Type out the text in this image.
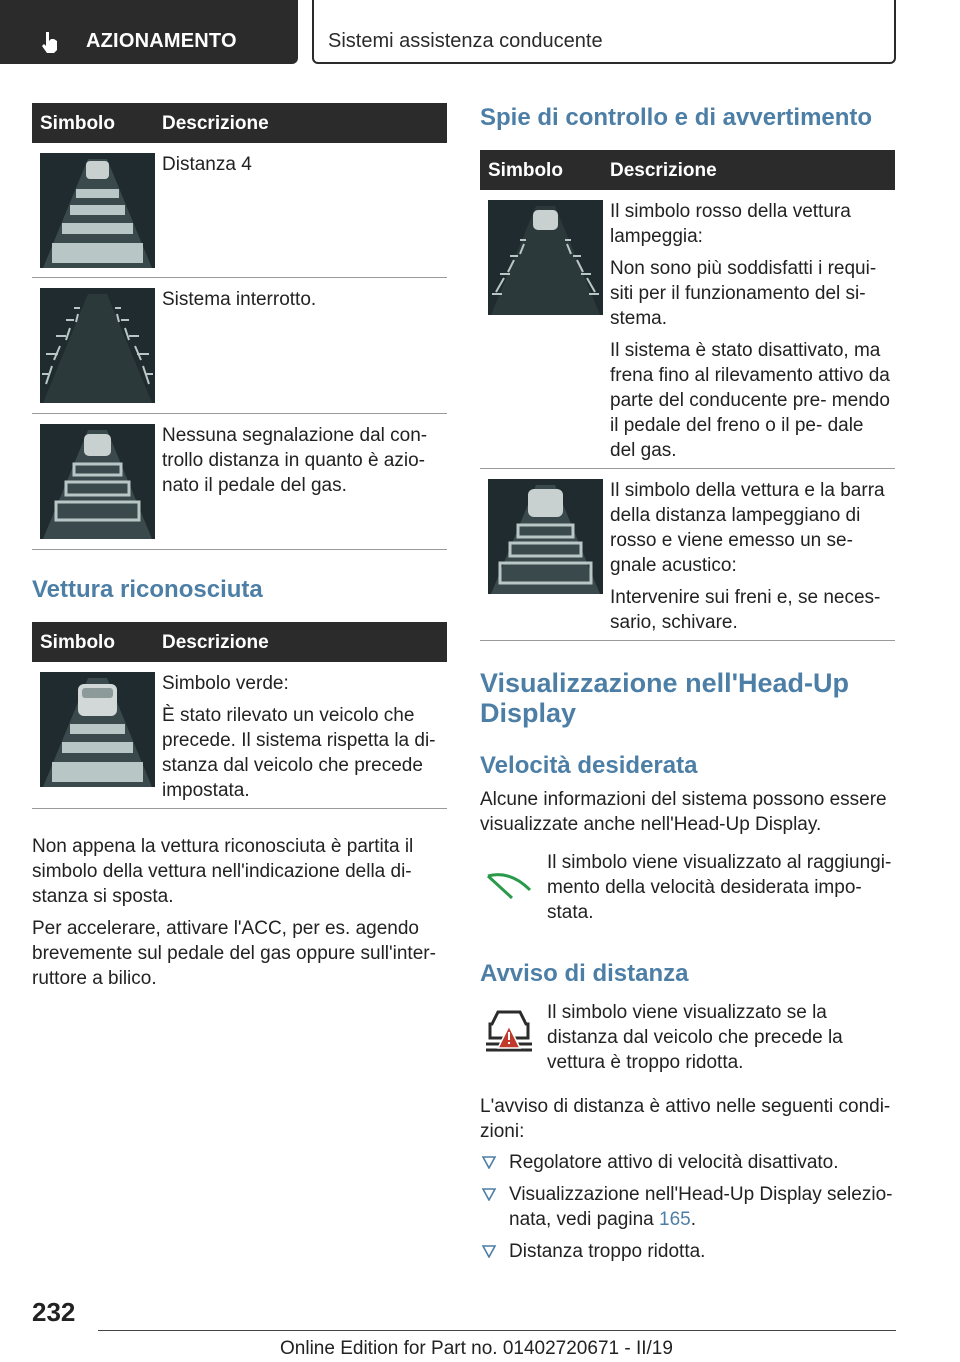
AZIONAMENTO	Sistemi assistenza conducente
Simbolo Descrizione
Distanza 4
Sistema interrotto.
Nessuna segnalazione dal con- trollo distanza in quanto è azio- nato il pedale del gas.
Vettura riconosciuta
Simbolo Descrizione

Simbolo verde:

È stato rilevato un veicolo che precede. Il sistema rispetta la di- stanza dal veicolo che precede impostata.

Non appena la vettura riconosciuta è partita il simbolo della vettura nell'indicazione della di- stanza si sposta.

Per accelerare, attivare l'ACC, per es. agendo brevemente sul pedale del gas oppure sull'inter- ruttore a bilico.

Spie di controllo e di avvertimento
Simbolo Descrizione

Il simbolo rosso della vettura lampeggia:

Non sono più soddisfatti i requi- siti per il funzionamento del si- stema.

Il sistema è stato disattivato, ma frena fino al rilevamento attivo da parte del conducente pre- mendo il pedale del freno o il pe- dale del gas.

Il simbolo della vettura e la barra della distanza lampeggiano di rosso e viene emesso un se- gnale acustico:

Intervenire sui freni e, se neces- sario, schivare.

Visualizzazione nell'Head-Up Display
Velocità desiderata

Alcune informazioni del sistema possono essere visualizzate anche nell'Head-Up Display.

Il simbolo viene visualizzato al raggiungi- mento della velocità desiderata impo- stata.
Avviso di distanza
Il simbolo viene visualizzato se la distanza dal veicolo che precede la vettura è troppo ridotta.

L'avviso di distanza è attivo nelle seguenti condi- zioni:

Regolatore attivo di velocità disattivato.
Visualizzazione nell'Head-Up Display selezio- nata, vedi pagina 165.
Distanza troppo ridotta.
232
Online Edition for Part no. 01402720671 - II/19
